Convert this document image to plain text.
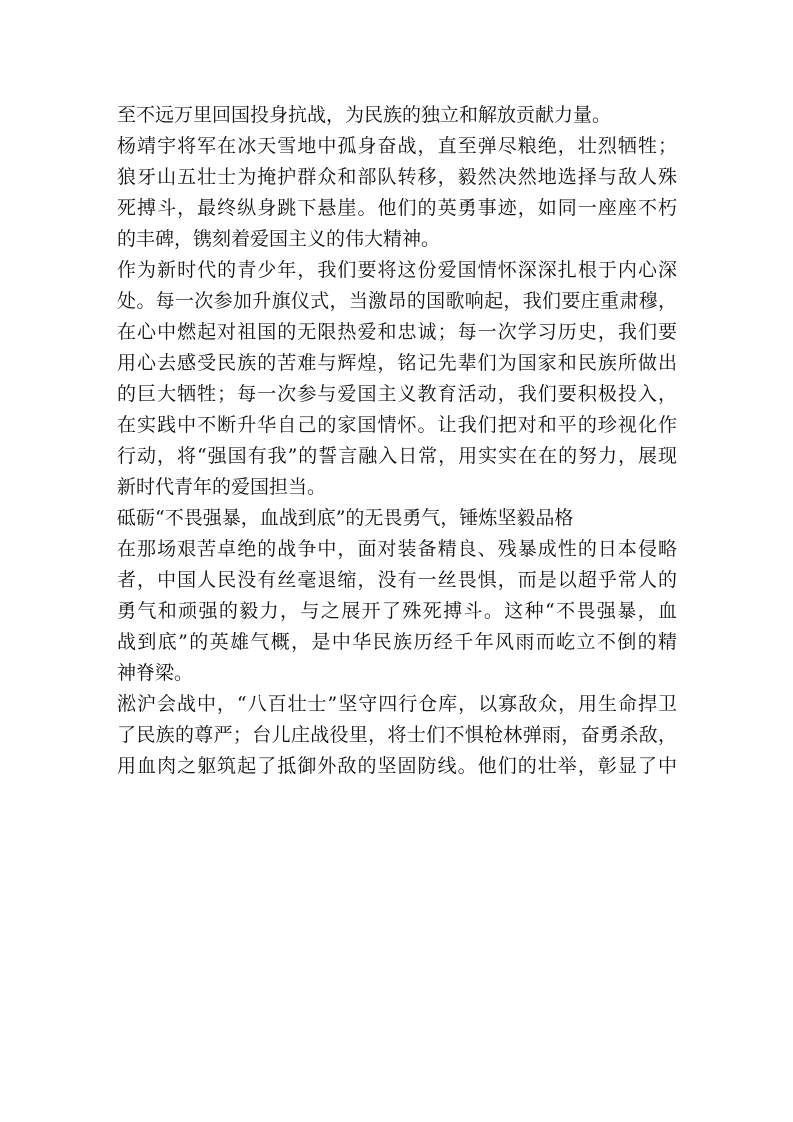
至不远万里回国投身抗战，为民族的独立和解放贡献力量。
杨靖宇将军在冰天雪地中孤身奋战，直至弹尽粮绝，壮烈牺牲；
狼牙山五壮士为掩护群众和部队转移，毅然决然地选择与敌人殊
死搏斗，最终纵身跳下悬崖。他们的英勇事迹，如同一座座不朽
的丰碑，镌刻着爱国主义的伟大精神。
作为新时代的青少年，我们要将这份爱国情怀深深扎根于内心深
处。每一次参加升旗仪式，当激昂的国歌响起，我们要庄重肃穆，
在心中燃起对祖国的无限热爱和忠诚；每一次学习历史，我们要
用心去感受民族的苦难与辉煌，铭记先辈们为国家和民族所做出
的巨大牺牲；每一次参与爱国主义教育活动，我们要积极投入，
在实践中不断升华自己的家国情怀。让我们把对和平的珍视化作
行动，将“强国有我”的誓言融入日常，用实实在在的努力，展现
新时代青年的爱国担当。
砥砺“不畏强暴，血战到底”的无畏勇气，锤炼坚毅品格
在那场艰苦卓绝的战争中，面对装备精良、残暴成性的日本侵略
者，中国人民没有丝毫退缩，没有一丝畏惧，而是以超乎常人的
勇气和顽强的毅力，与之展开了殊死搏斗。这种“不畏强暴，血
战到底”的英雄气概，是中华民族历经千年风雨而屹立不倒的精
神脊梁。
淞沪会战中，“八百壮士”坚守四行仓库，以寡敌众，用生命捍卫
了民族的尊严；台儿庄战役里，将士们不惧枪林弹雨，奋勇杀敌，
用血肉之躯筑起了抵御外敌的坚固防线。他们的壮举，彰显了中
